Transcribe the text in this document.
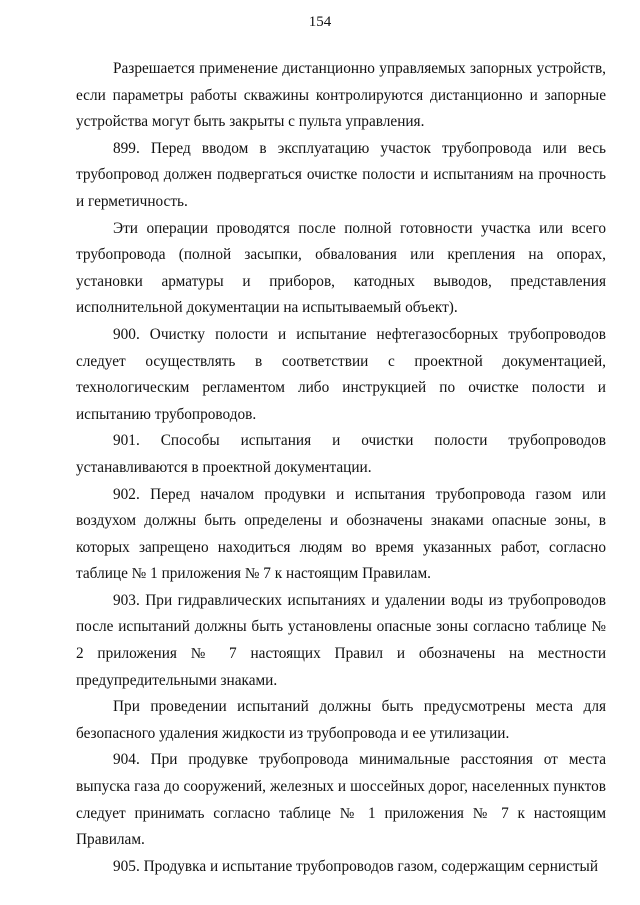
154

Разрешается применение дистанционно управляемых запорных устройств, если параметры работы скважины контролируются дистанционно и запорные устройства могут быть закрыты с пульта управления.

899. Перед вводом в эксплуатацию участок трубопровода или весь трубопровод должен подвергаться очистке полости и испытаниям на прочность и герметичность.

Эти операции проводятся после полной готовности участка или всего трубопровода (полной засыпки, обвалования или крепления на опорах, установки арматуры и приборов, катодных выводов, представления исполнительной документации на испытываемый объект).

900. Очистку полости и испытание нефтегазосборных трубопроводов следует осуществлять в соответствии с проектной документацией, технологическим регламентом либо инструкцией по очистке полости и испытанию трубопроводов.

901. Способы испытания и очистки полости трубопроводов устанавливаются в проектной документации.

902. Перед началом продувки и испытания трубопровода газом или воздухом должны быть определены и обозначены знаками опасные зоны, в которых запрещено находиться людям во время указанных работ, согласно таблице № 1 приложения № 7 к настоящим Правилам.

903. При гидравлических испытаниях и удалении воды из трубопроводов после испытаний должны быть установлены опасные зоны согласно таблице № 2 приложения № 7 настоящих Правил и обозначены на местности предупредительными знаками.

При проведении испытаний должны быть предусмотрены места для безопасного удаления жидкости из трубопровода и ее утилизации.

904. При продувке трубопровода минимальные расстояния от места выпуска газа до сооружений, железных и шоссейных дорог, населенных пунктов следует принимать согласно таблице № 1 приложения № 7 к настоящим Правилам.

905. Продувка и испытание трубопроводов газом, содержащим сернистый
